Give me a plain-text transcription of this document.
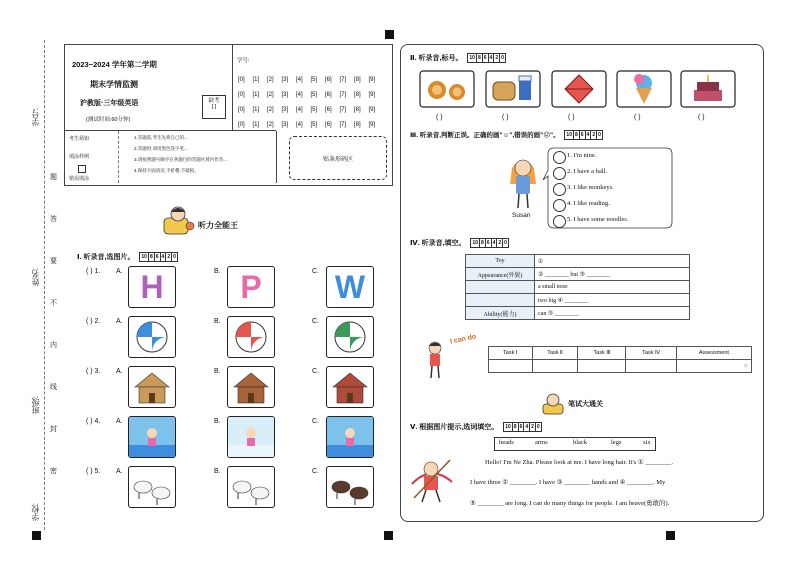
学号:
姓名:
班级:
学校:
题
答
要
不
内
线
封
密
2023−2024 学年第二学期
期末学情监测
沪教版·三年级英语
(测试时间:60分钟)
缺考
[ ]
学号:
[0] [1] [2] [3] [4] [5] [6] [7] [8] [9]
[0] [1] [2] [3] [4] [5] [6] [7] [8] [9]
[0] [1] [2] [3] [4] [5] [6] [7] [8] [9]
[0] [1] [2] [3] [4] [5] [6] [7] [8] [9]
考生须知
填涂样例
错误填涂
1.答题前,考生先将自己的...
2.答题时,请用黑色签字笔...
3.请按照题号顺序在各题目的答题区域内作答...
4.保持卡面清洁,不折叠,不破损。
贴条形码区
听力全能王
Ⅰ. 听录音,选图片。 10 8 6 4 2 0
( ) 1. A. H	B. P	C. W
( ) 2. A.	B.	C.
( ) 3. A.	B.	C.
( ) 4. A.	B.	C.
( ) 5. A.	B.	C.
Ⅱ. 听录音,标号。 10 8 6 4 2 0
( )	( )	( )	( )	( )
Ⅲ. 听录音,判断正误。正确的画"☺",错误的画"☹"。 10 8 6 4 2 0
Susan
1. I'm nine.
2. I have a ball.
3. I like monkeys.
4. I like reading.
5. I have some noodles.
Ⅳ. 听录音,填空。 10 8 6 4 2 0
Toy	①
Appearance(外貌)	② ________ but ③ ________
	a small nose
	two big ④ ________
Ability(能力)	can ⑤ ________
I can do
Task Ⅰ	Task Ⅱ	Task Ⅲ	Task Ⅳ	Assessment
				☆
笔试大通关
Ⅴ. 根据图片提示,选词填空。 10 8 6 4 2 0
heads	arms	black	legs	six
Hello! I'm Ne Zha. Please look at me. I have long hair. It's ① ________.
I have three ② ________. I have ③ ________ hands and ④ ________. My
⑤ ________ are long. I can do many things for people. I am beave(勇敢的).
